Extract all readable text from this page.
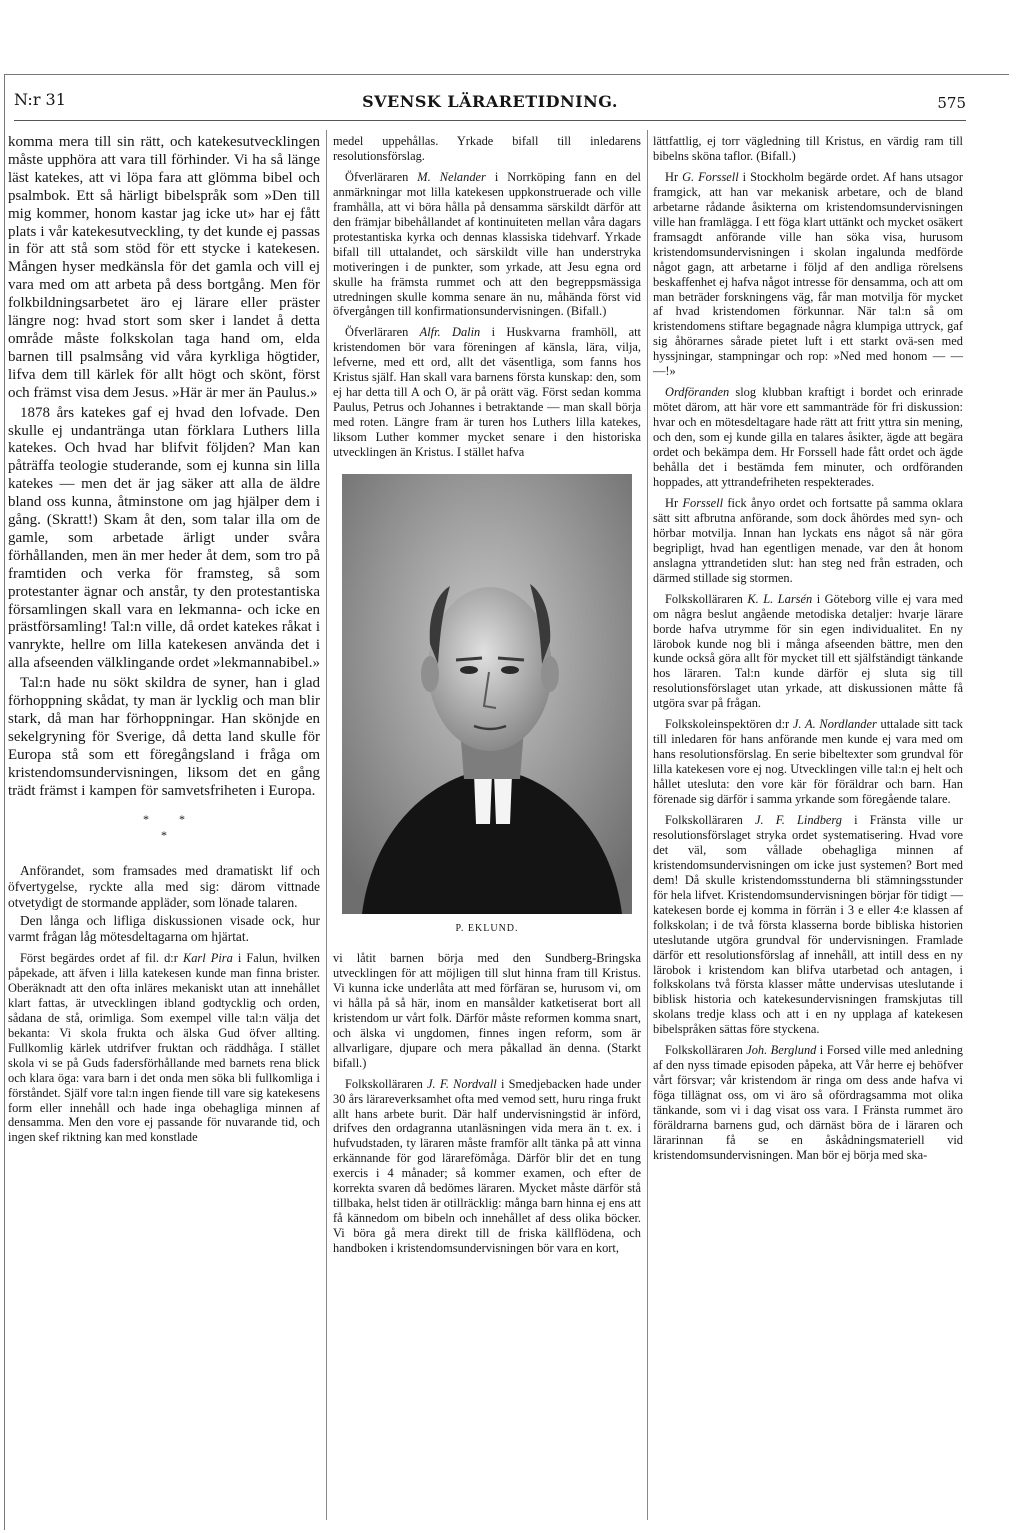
N:r 31	SVENSK LÄRARETIDNING.	575

komma mera till sin rätt, och katekesutvecklingen måste upphöra att vara till förhinder. Vi ha så länge läst katekes, att vi löpa fara att glömma bibel och psalmbok. Ett så härligt bibelspråk som »Den till mig kommer, honom kastar jag icke ut» har ej fått plats i vår katekesutveckling, ty det kunde ej passas in för att stå som stöd för ett stycke i katekesen. Mången hyser medkänsla för det gamla och vill ej vara med om att arbeta på dess bortgång. Men för folkbildningsarbetet äro ej lärare eller präster längre nog: hvad stort som sker i landet å detta område måste folkskolan taga hand om, elda barnen till psalmsång vid våra kyrkliga högtider, lifva dem till kärlek för allt högt och skönt, först och främst visa dem Jesus. »Här är mer än Paulus.»

1878 års katekes gaf ej hvad den lofvade. Den skulle ej undantränga utan förklara Luthers lilla katekes. Och hvad har blifvit följden? Man kan påträffa teologie studerande, som ej kunna sin lilla katekes — men det är jag säker att alla de äldre bland oss kunna, åtminstone om jag hjälper dem i gång. (Skratt!) Skam åt den, som talar illa om de gamle, som arbetade ärligt under svåra förhållanden, men än mer heder åt dem, som tro på framtiden och verka för framsteg, så som protestanter ägnar och anstår, ty den protestantiska församlingen skall vara en lekmanna- och icke en prästförsamling! Tal:n ville, då ordet katekes råkat i vanrykte, hellre om lilla katekesen använda det i alla afseenden välklingande ordet »lekmannabibel.»

Tal:n hade nu sökt skildra de syner, han i glad förhoppning skådat, ty man är lycklig och man blir stark, då man har förhoppningar. Han skönjde en sekelgryning för Sverige, då detta land skulle för Europa stå som ett föregångsland i fråga om kristendomsundervisningen, liksom det en gång trädt främst i kampen för samvetsfriheten i Europa.

*          *
*

Anförandet, som framsades med dramatiskt lif och öfvertygelse, ryckte alla med sig: därom vittnade otvetydigt de stormande appläder, som lönade talaren.

Den långa och lifliga diskussionen visade ock, hur varmt frågan låg mötesdeltagarna om hjärtat.

Först begärdes ordet af fil. d:r Karl Pira i Falun, hvilken påpekade, att äfven i lilla katekesen kunde man finna brister. Oberäknadt att den ofta inläres mekaniskt utan att innehållet klart fattas, är utvecklingen ibland godtycklig och orden, sådana de stå, orimliga. Som exempel ville tal:n välja det bekanta: Vi skola frukta och älska Gud öfver allting. Fullkomlig kärlek utdrifver fruktan och räddhåga. I stället skola vi se på Guds fadersförhållande med barnets rena blick och klara öga: vara barn i det onda men söka bli fullkomliga i förståndet. Själf vore tal:n ingen fiende till vare sig katekesens form eller innehåll och hade inga obehagliga minnen af densamma. Men den vore ej passande för nuvarande tid, och ingen skef riktning kan med konstlade

medel uppehållas. Yrkade bifall till inledarens resolutionsförslag.

Öfverläraren M. Nelander i Norrköping fann en del anmärkningar mot lilla katekesen uppkonstruerade och ville framhålla, att vi böra hålla på densamma särskildt därför att den främjar bibehållandet af kontinuiteten mellan våra dagars protestantiska kyrka och dennas klassiska tidehvarf. Yrkade bifall till uttalandet, och särskildt ville han understryka motiveringen i de punkter, som yrkade, att Jesu egna ord skulle ha främsta rummet och att den begreppsmässiga utredningen skulle komma senare än nu, måhända först vid öfvergången till konfirmationsundervisningen. (Bifall.)

Öfverläraren Alfr. Dalin i Huskvarna framhöll, att kristendomen bör vara föreningen af känsla, lära, vilja, lefverne, med ett ord, allt det väsentliga, som fanns hos Kristus själf. Han skall vara barnens första kunskap: den, som ej har detta till A och O, är på orätt väg. Först sedan komma Paulus, Petrus och Johannes i betraktande — man skall börja med roten. Längre fram är turen hos Luthers lilla katekes, liksom Luther kommer mycket senare i den historiska utvecklingen än Kristus. I stället hafva

P. EKLUND.

vi låtit barnen börja med den Sundberg-Bringska utvecklingen för att möjligen till slut hinna fram till Kristus. Vi kunna icke underlåta att med förfäran se, hurusom vi, om vi hålla på så här, inom en mansålder katketiserat bort all kristendom ur vårt folk. Därför måste reformen komma snart, och älska vi ungdomen, finnes ingen reform, som är allvarligare, djupare och mera påkallad än denna. (Starkt bifall.)

Folkskolläraren J. F. Nordvall i Smedjebacken hade under 30 års lärareverksamhet ofta med vemod sett, huru ringa frukt allt hans arbete burit. Där half undervisningstid är införd, drifves den ordagranna utanläsningen vida mera än t. ex. i hufvudstaden, ty läraren måste framför allt tänka på att vinna erkännande för god lärarefömåga. Därför blir det en tung exercis i 4 månader; så kommer examen, och efter de korrekta svaren då bedömes läraren. Mycket måste därför stå tillbaka, helst tiden är otillräcklig: många barn hinna ej ens att få kännedom om bibeln och innehållet af dess olika böcker. Vi böra gå mera direkt till de friska källflödena, och handboken i kristendomsundervisningen bör vara en kort,

lättfattlig, ej torr vägledning till Kristus, en värdig ram till bibelns sköna taflor. (Bifall.)

Hr G. Forssell i Stockholm begärde ordet. Af hans utsagor framgick, att han var mekanisk arbetare, och de bland arbetarne rådande åsikterna om kristendomsundervisningen ville han framlägga. I ett föga klart uttänkt och mycket osäkert framsagdt anförande ville han söka visa, hurusom kristendomsundervisningen i skolan ingalunda medförde något gagn, att arbetarne i följd af den andliga rörelsens beskaffenhet ej hafva något intresse för densamma, och att om man beträder forskningens väg, får man motvilja för mycket af hvad kristendomen förkunnar. När tal:n så om kristendomens stiftare begagnade några klumpiga uttryck, gaf sig åhörarnes sårade pietet luft i ett starkt ovä-sen med hyssjningar, stampningar och rop: »Ned med honom — — —!»

Ordföranden slog klubban kraftigt i bordet och erinrade mötet därom, att här vore ett sammanträde för fri diskussion: hvar och en mötesdeltagare hade rätt att fritt yttra sin mening, och den, som ej kunde gilla en talares åsikter, ägde att begära ordet och bekämpa dem. Hr Forssell hade fått ordet och ägde behålla det i bestämda fem minuter, och ordföranden hoppades, att yttrandefriheten respekterades.

Hr Forssell fick ånyo ordet och fortsatte på samma oklara sätt sitt afbrutna anförande, som dock åhördes med syn- och hörbar motvilja. Innan han lyckats ens något så när göra begripligt, hvad han egentligen menade, var den åt honom anslagna yttrandetiden slut: han steg ned från estraden, och därmed stillade sig stormen.

Folkskolläraren K. L. Larsén i Göteborg ville ej vara med om några beslut angående metodiska detaljer: hvarje lärare borde hafva utrymme för sin egen individualitet. En ny lärobok kunde nog bli i många afseenden bättre, men den kunde också göra allt för mycket till ett själfständigt tänkande hos läraren. Tal:n kunde därför ej sluta sig till resolutionsförslaget utan yrkade, att diskussionen måtte få utgöra svar på frågan.

Folkskoleinspektören d:r J. A. Nordlander uttalade sitt tack till inledaren för hans anförande men kunde ej vara med om hans resolutionsförslag. En serie bibeltexter som grundval för lilla katekesen vore ej nog. Utvecklingen ville tal:n ej helt och hållet utesluta: den vore kär för föräldrar och barn. Han förenade sig därför i samma yrkande som föregående talare.

Folkskolläraren J. F. Lindberg i Fränsta ville ur resolutionsförslaget stryka ordet systematisering. Hvad vore det väl, som vållade obehagliga minnen af kristendomsundervisningen om icke just systemen? Bort med dem! Då skulle kristendomsstunderna bli stämningsstunder för hela lifvet. Kristendomsundervisningen börjar för tidigt — katekesen borde ej komma in förrän i 3 e eller 4:e klassen af folkskolan; i de två första klasserna borde bibliska historien uteslutande utgöra grundval för undervisningen. Framlade därför ett resolutionsförslag af innehåll, att intill dess en ny lärobok i kristendom kan blifva utarbetad och antagen, i folkskolans två första klasser måtte undervisas uteslutande i biblisk historia och katekesundervisningen framskjutas till skolans tredje klass och att i en ny upplaga af katekesen bibelspråken sättas före styckena.

Folkskolläraren Joh. Berglund i Forsed ville med anledning af den nyss timade episoden påpeka, att Vår herre ej behöfver vårt försvar; vår kristendom är ringa om dess ande hafva vi föga tillägnat oss, om vi äro så ofördragsamma mot olika tänkande, som vi i dag visat oss vara. I Fränsta rummet äro föräldrarna barnens gud, och därnäst böra de i läraren och lärarinnan få se en åskådningsmateriell vid kristendomsundervisningen. Man bör ej börja med ska-
